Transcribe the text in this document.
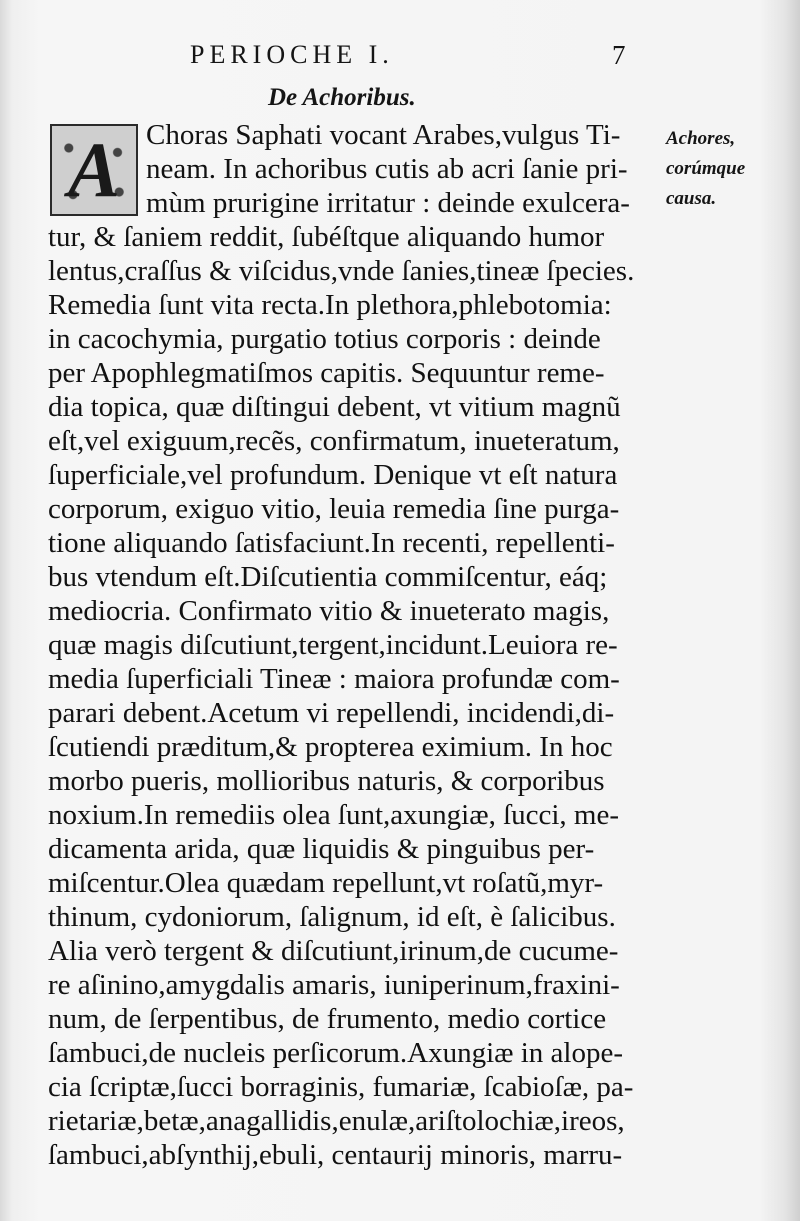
PERIOCHE I.	7
De Achoribus.
Choras Saphati vocant Arabes,vulgus Ti-
neam. In achoribus cutis ab acri ſanie pri-
mùm prurigine irritatur : deinde exulcera-
tur, & ſaniem reddit, ſubéſtque aliquando humor
lentus,craſſus & viſcidus,vnde ſanies,tineæ ſpecies.
Remedia ſunt vita recta.In plethora,phlebotomia:
in cacochymia, purgatio totius corporis : deinde
per Apophlegmatiſmos capitis. Sequuntur reme-
dia topica, quæ diſtingui debent, vt vitium magnũ
eſt,vel exiguum,recẽs, confirmatum, inueteratum,
ſuperficiale,vel profundum. Denique vt eſt natura
corporum, exiguo vitio, leuia remedia ſine purga-
tione aliquando ſatisfaciunt.In recenti, repellenti-
bus vtendum eſt.Diſcutientia commiſcentur, eáq;
mediocria. Confirmato vitio & inueterato magis,
quæ magis diſcutiunt,tergent,incidunt.Leuiora re-
media ſuperficiali Tineæ : maiora profundæ com-
parari debent.Acetum vi repellendi, incidendi,di-
ſcutiendi præditum,& propterea eximium. In hoc
morbo pueris, mollioribus naturis, & corporibus
noxium.In remediis olea ſunt,axungiæ, ſucci, me-
dicamenta arida, quæ liquidis & pinguibus per-
miſcentur.Olea quædam repellunt,vt roſatũ,myr-
thinum, cydoniorum, ſalignum, id eſt, è ſalicibus.
Alia verò tergent & diſcutiunt,irinum,de cucume-
re aſinino,amygdalis amaris, iuniperinum,fraxini-
num, de ſerpentibus, de frumento, medio cortice
ſambuci,de nucleis perſicorum.Axungiæ in alope-
cia ſcriptæ,ſucci borraginis, fumariæ, ſcabioſæ, pa-
rietariæ,betæ,anagallidis,enulæ,ariſtolochiæ,ireos,
ſambuci,abſynthij,ebuli, centaurij minoris, marru-
A	Achores,
corúmque
causa.
